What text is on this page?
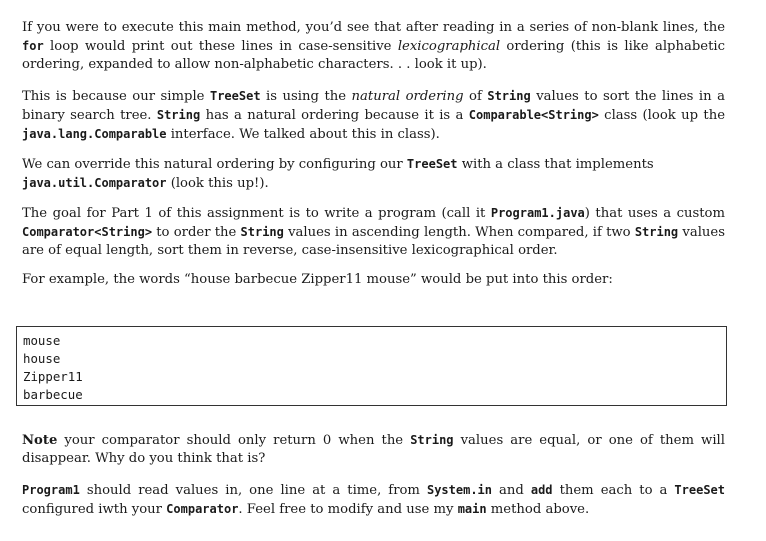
If you were to execute this main method, you’d see that after reading in a series of non-blank lines, the for loop would print out these lines in case-sensitive lexicographical ordering (this is like alphabetic ordering, expanded to allow non-alphabetic characters. . . look it up).

This is because our simple TreeSet is using the natural ordering of String values to sort the lines in a binary search tree. String has a natural ordering because it is a Comparable<String> class (look up the java.lang.Comparable interface. We talked about this in class).

We can override this natural ordering by configuring our TreeSet with a class that implements java.util.Comparator (look this up!).

The goal for Part 1 of this assignment is to write a program (call it Program1.java) that uses a custom Comparator<String> to order the String values in ascending length. When compared, if two String values are of equal length, sort them in reverse, case-insensitive lexicographical order.

For example, the words “house barbecue Zipper11 mouse” would be put into this order:

mouse
house
Zipper11
barbecue

Note your comparator should only return 0 when the String values are equal, or one of them will disappear. Why do you think that is?

Program1 should read values in, one line at a time, from System.in and add them each to a TreeSet configured iwth your Comparator. Feel free to modify and use my main method above.
